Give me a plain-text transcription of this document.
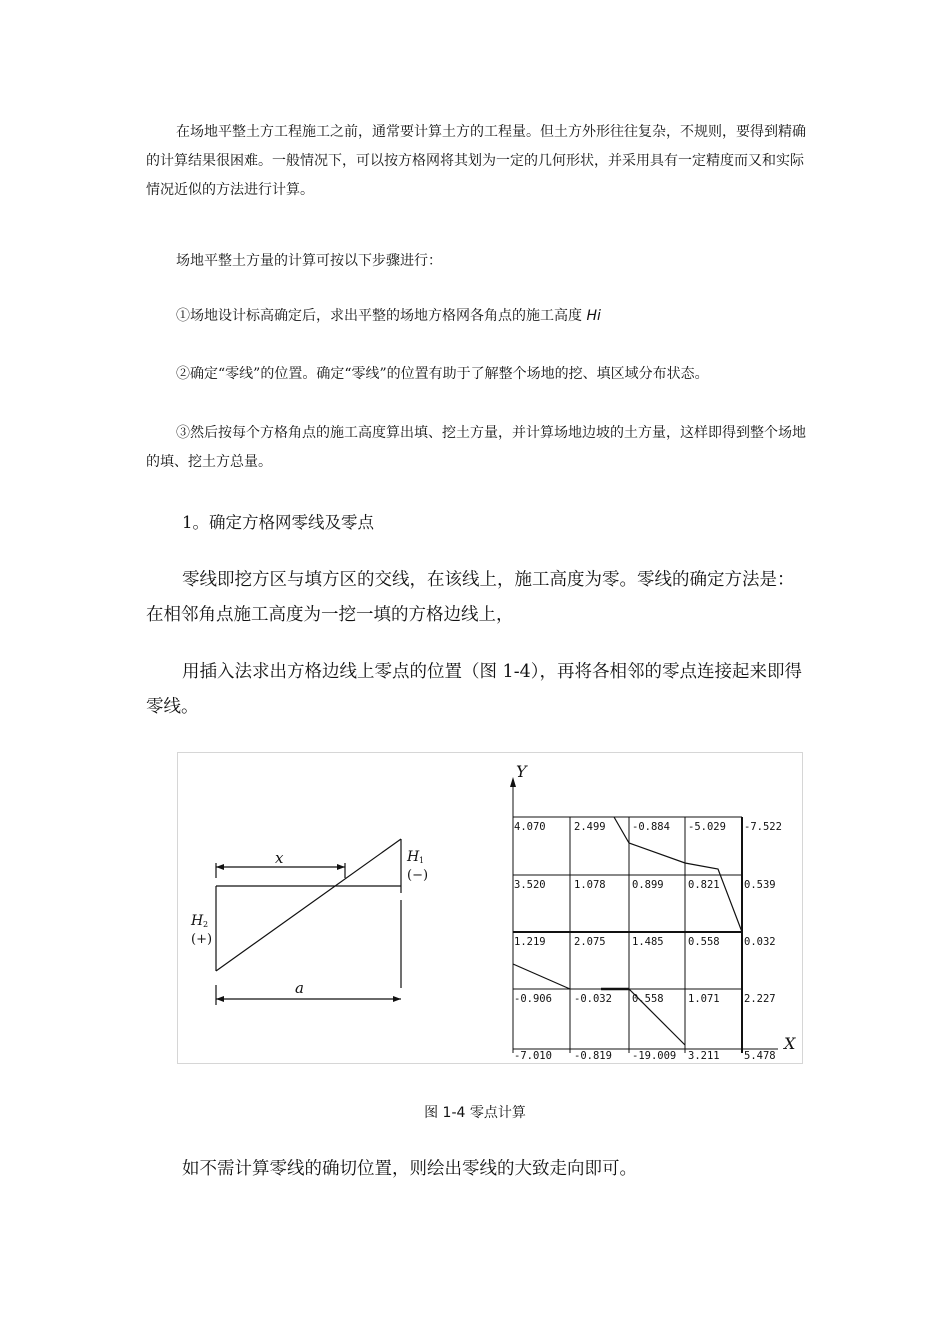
在场地平整土方工程施工之前，通常要计算土方的工程量。但土方外形往往复杂，不规则，要得到精确的计算结果很困难。一般情况下，可以按方格网将其划为一定的几何形状，并采用具有一定精度而又和实际情况近似的方法进行计算。

场地平整土方量的计算可按以下步骤进行：

①场地设计标高确定后，求出平整的场地方格网各角点的施工高度 Hi

②确定“零线”的位置。确定“零线”的位置有助于了解整个场地的挖、填区域分布状态。

③然后按每个方格角点的施工高度算出填、挖土方量，并计算场地边坡的土方量，这样即得到整个场地的填、挖土方总量。

1。确定方格网零线及零点

零线即挖方区与填方区的交线，在该线上，施工高度为零。零线的确定方法是：在相邻角点施工高度为一挖一填的方格边线上，

用插入法求出方格边线上零点的位置（图 1-4），再将各相邻的零点连接起来即得零线。

x
a
H 1
(−)
H 2
(+)
Y
X
4.070	2.499	-0.884 -5.029 -7.522
3.520	1.078	0.899 0.821 0.539
1.219	2.075	1.485 0.558 0.032
-0.906 -0.032 0.558 1.071 2.227
-7.010 -0.819 -19.009 3.211 5.478
图 1-4 零点计算

如不需计算零线的确切位置，则绘出零线的大致走向即可。
